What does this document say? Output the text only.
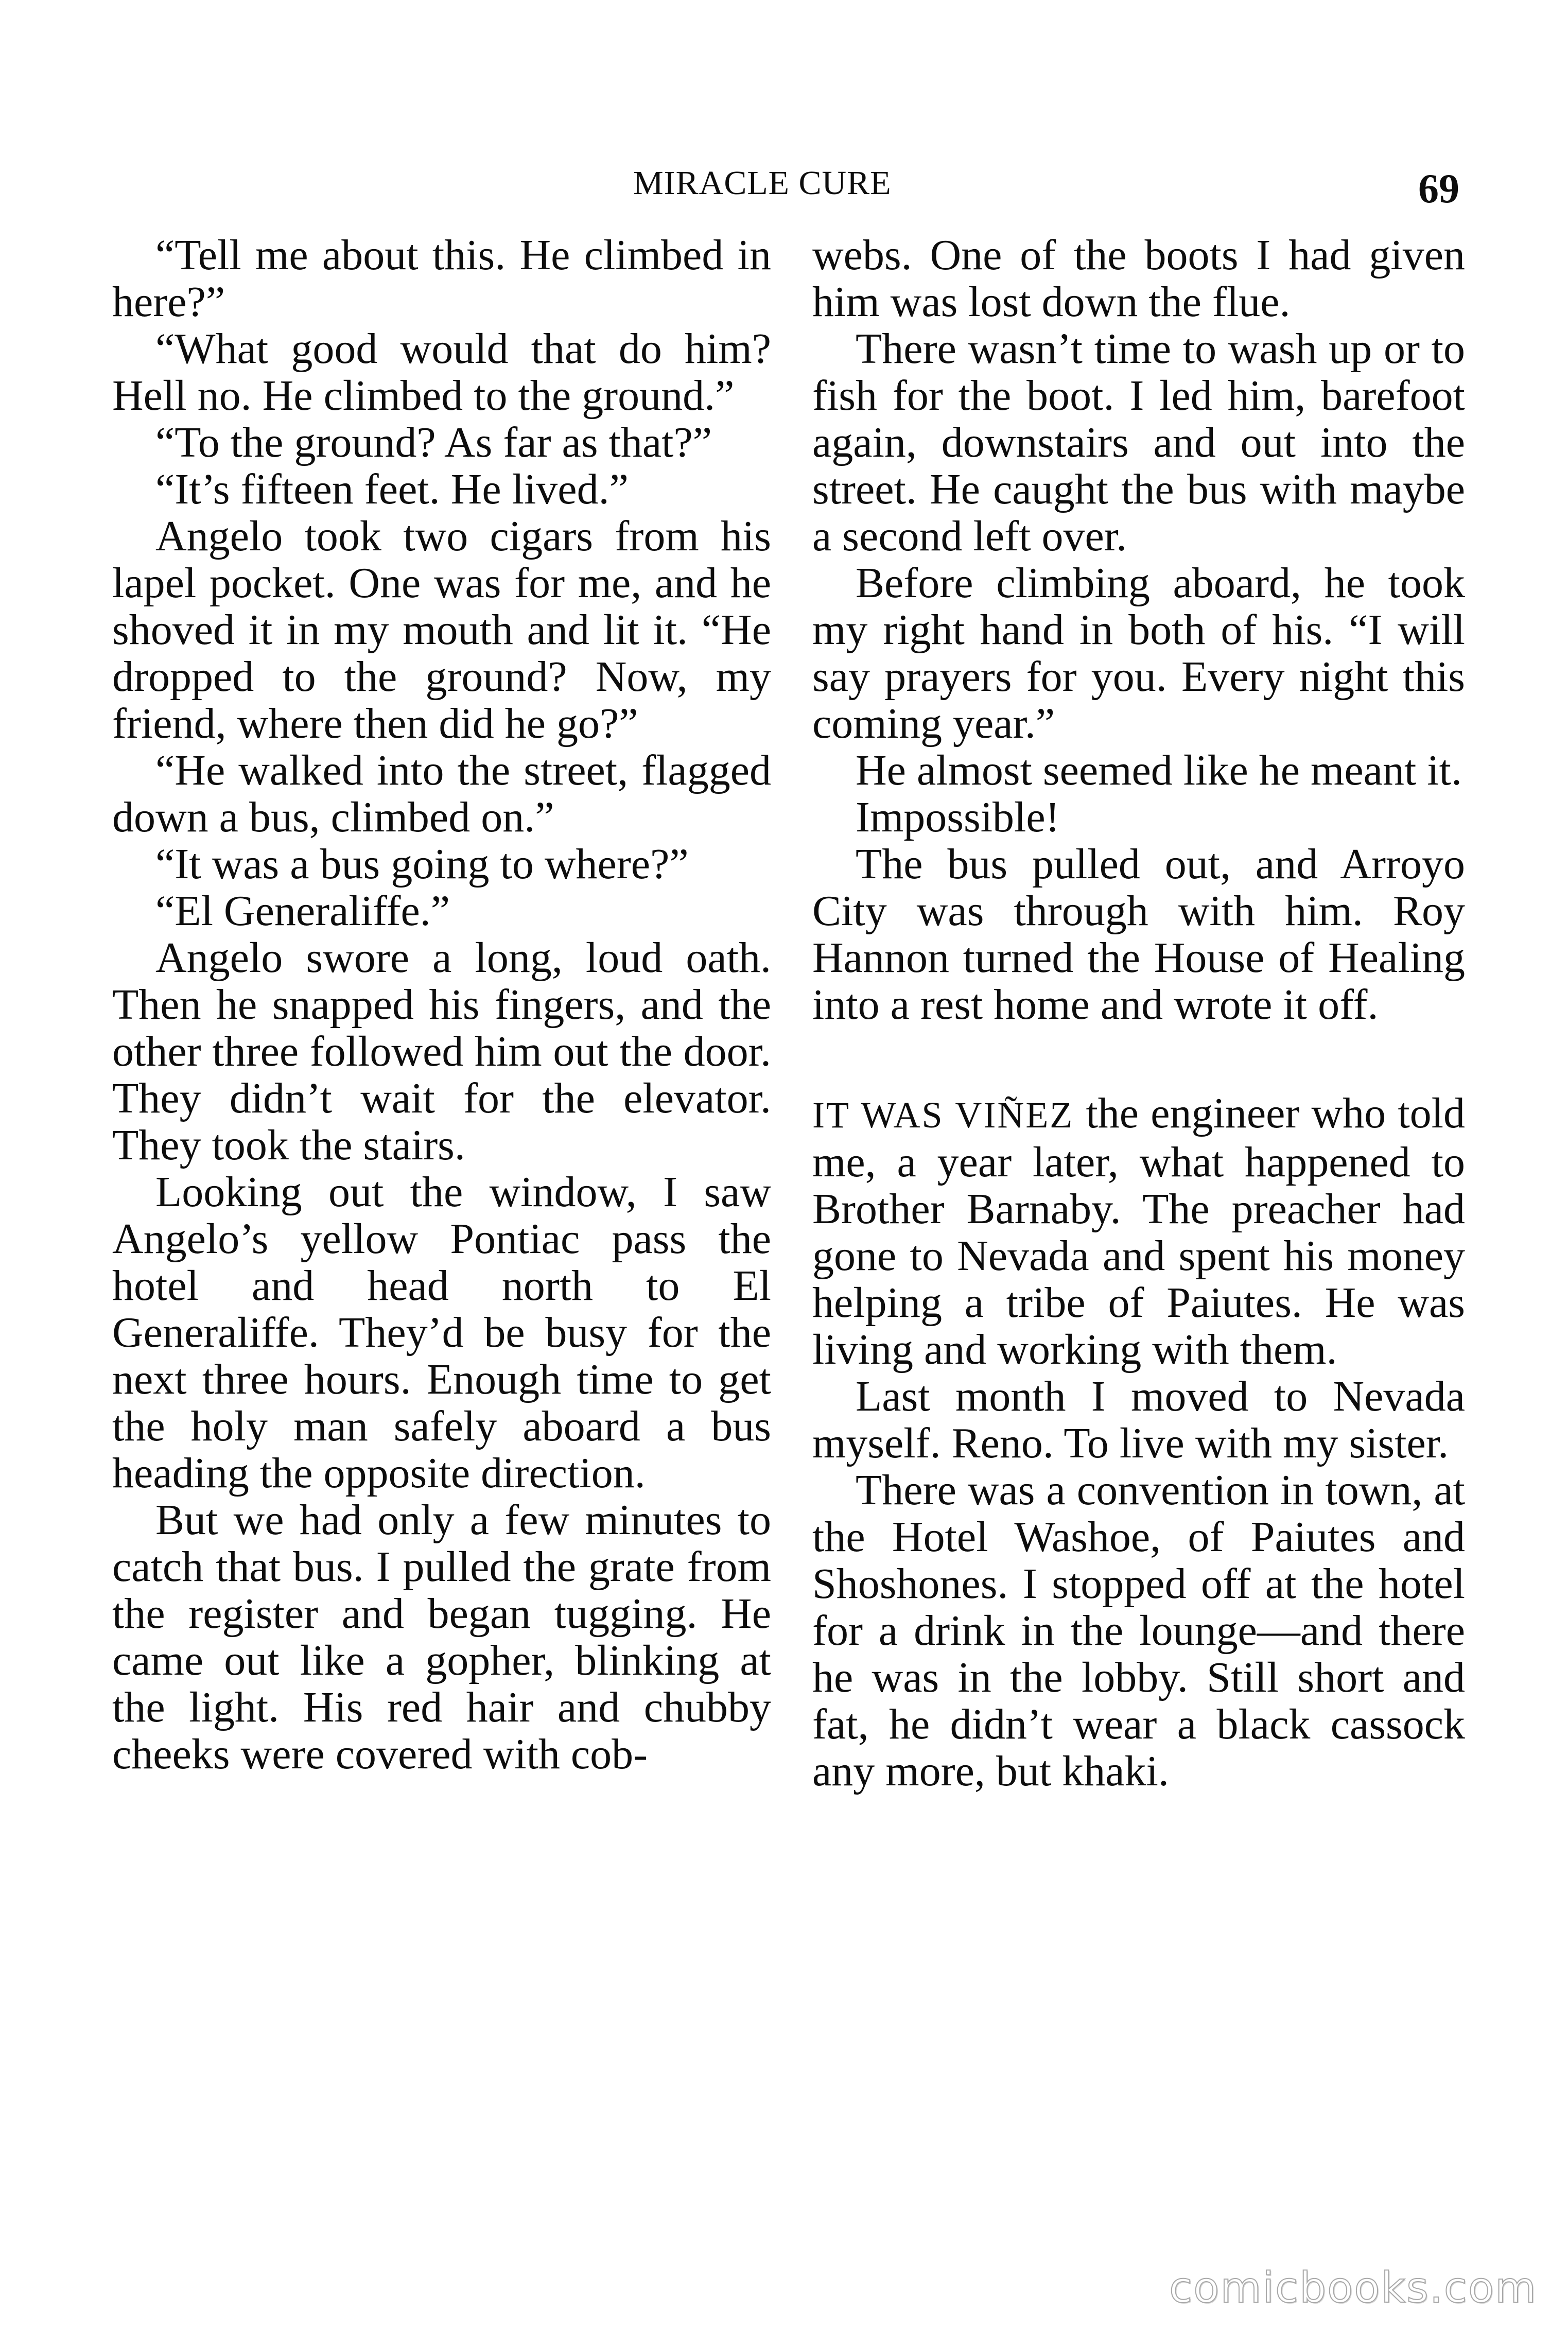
MIRACLE CURE	69

“Tell me about this. He climbed in here?”

“What good would that do him? Hell no. He climbed to the ground.”

“To the ground? As far as that?”

“It’s fifteen feet. He lived.”

Angelo took two cigars from his lapel pocket. One was for me, and he shoved it in my mouth and lit it. “He dropped to the ground? Now, my friend, where then did he go?”

“He walked into the street, flagged down a bus, climbed on.”

“It was a bus going to where?”

“El Generaliffe.”

Angelo swore a long, loud oath. Then he snapped his fingers, and the other three followed him out the door. They didn’t wait for the elevator. They took the stairs.

Looking out the window, I saw Angelo’s yellow Pontiac pass the hotel and head north to El Generaliffe. They’d be busy for the next three hours. Enough time to get the holy man safely aboard a bus heading the opposite direction.

But we had only a few minutes to catch that bus. I pulled the grate from the register and began tugging. He came out like a gopher, blinking at the light. His red hair and chubby cheeks were covered with cob-

webs. One of the boots I had given him was lost down the flue.

There wasn’t time to wash up or to fish for the boot. I led him, barefoot again, downstairs and out into the street. He caught the bus with maybe a second left over.

Before climbing aboard, he took my right hand in both of his. “I will say prayers for you. Every night this coming year.”

He almost seemed like he meant it.

Impossible!

The bus pulled out, and Arroyo City was through with him. Roy Hannon turned the House of Healing into a rest home and wrote it off.

IT WAS VIÑEZ the engineer who told me, a year later, what happened to Brother Barnaby. The preacher had gone to Nevada and spent his money helping a tribe of Paiutes. He was living and working with them.

Last month I moved to Nevada myself. Reno. To live with my sister.

There was a convention in town, at the Hotel Washoe, of Paiutes and Shoshones. I stopped off at the hotel for a drink in the lounge—and there he was in the lobby. Still short and fat, he didn’t wear a black cassock any more, but khaki.

comicbooks.com
